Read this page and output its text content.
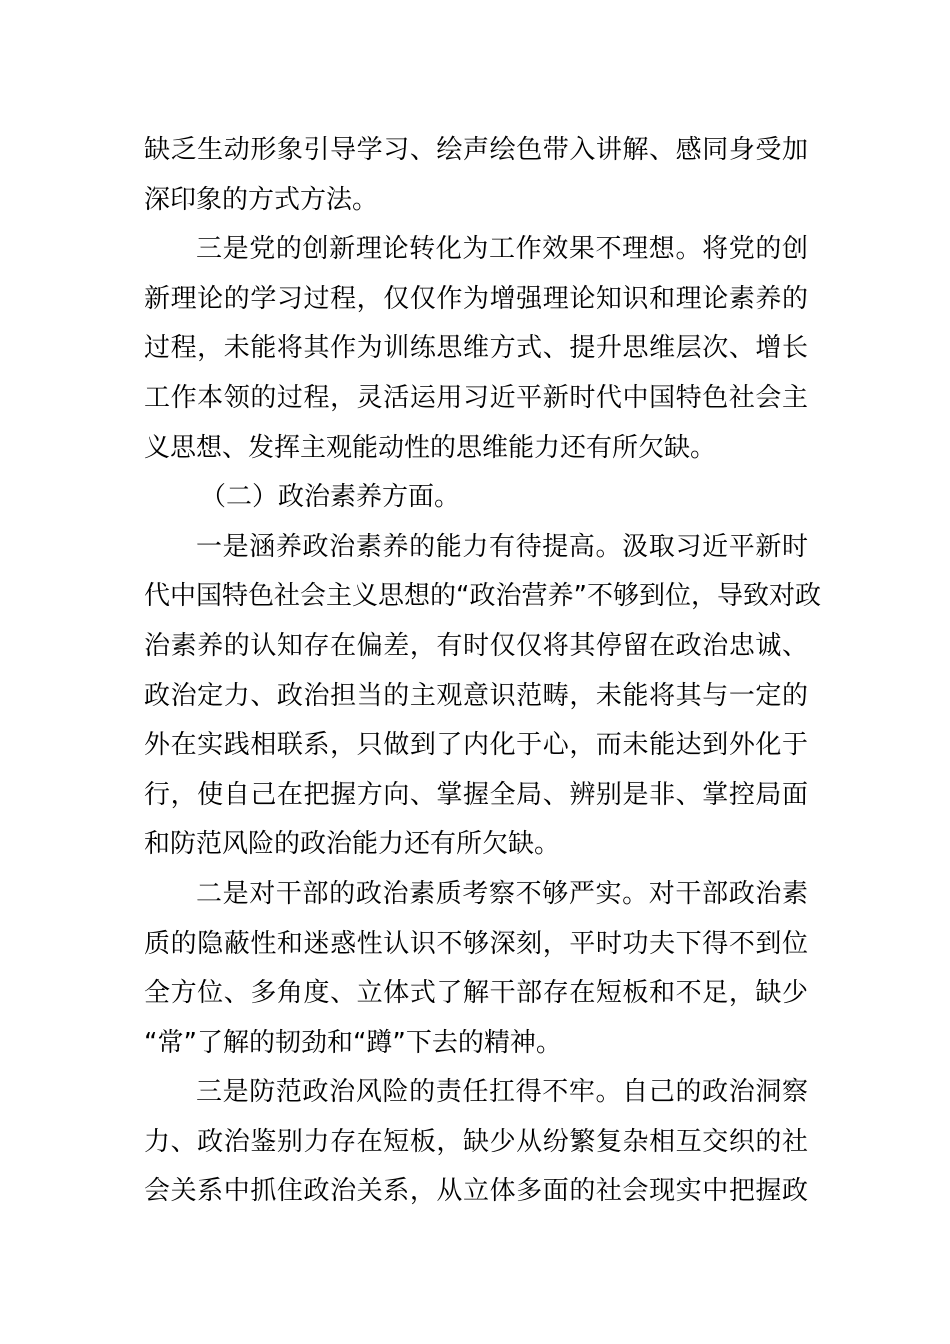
缺乏生动形象引导学习、绘声绘色带入讲解、感同身受加
深印象的方式方法。
三是党的创新理论转化为工作效果不理想。将党的创
新理论的学习过程，仅仅作为增强理论知识和理论素养的
过程，未能将其作为训练思维方式、提升思维层次、增长
工作本领的过程，灵活运用习近平新时代中国特色社会主
义思想、发挥主观能动性的思维能力还有所欠缺。
（二）政治素养方面。
一是涵养政治素养的能力有待提高。汲取习近平新时
代中国特色社会主义思想的“政治营养”不够到位，导致对政
治素养的认知存在偏差，有时仅仅将其停留在政治忠诚、
政治定力、政治担当的主观意识范畴，未能将其与一定的
外在实践相联系，只做到了内化于心，而未能达到外化于
行，使自己在把握方向、掌握全局、辨别是非、掌控局面
和防范风险的政治能力还有所欠缺。
二是对干部的政治素质考察不够严实。对干部政治素
质的隐蔽性和迷惑性认识不够深刻，平时功夫下得不到位
全方位、多角度、立体式了解干部存在短板和不足，缺少
“常”了解的韧劲和“蹲”下去的精神。
三是防范政治风险的责任扛得不牢。自己的政治洞察
力、政治鉴别力存在短板，缺少从纷繁复杂相互交织的社
会关系中抓住政治关系，从立体多面的社会现实中把握政
